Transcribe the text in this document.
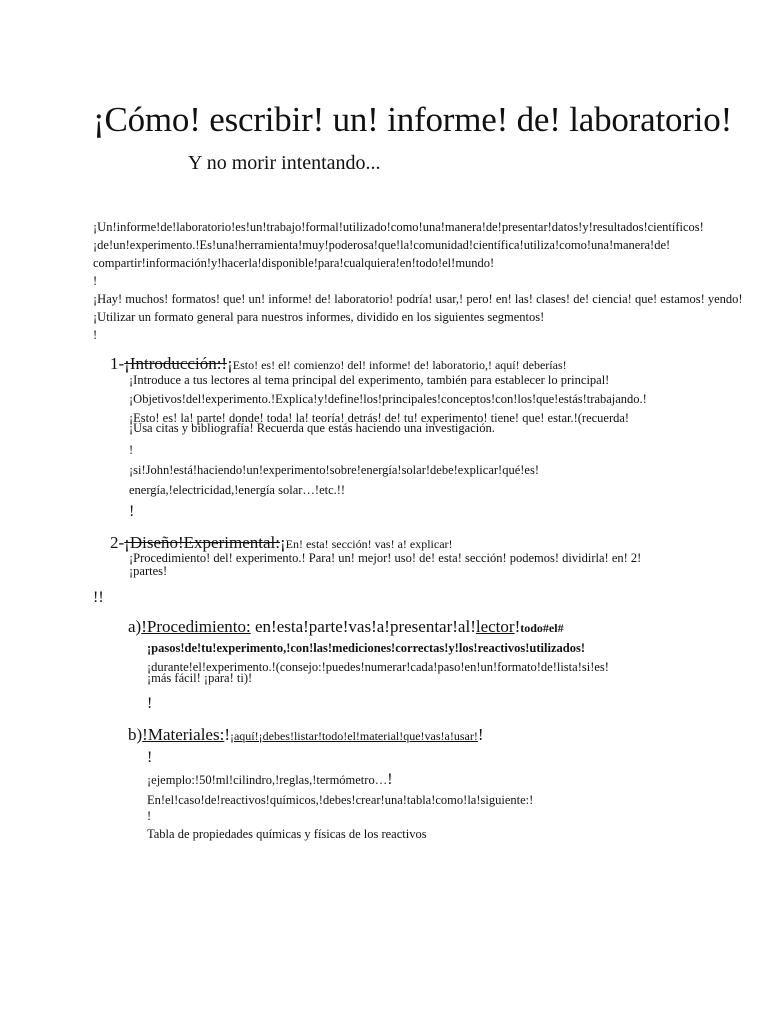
¡Cómo! escribir! un! informe! de! laboratorio!
Y no morir intentando...
¡Un!informe!de!laboratorio!es!un!trabajo!formal!utilizado!como!una!manera!de!presentar!datos!y!resultados!científicos!
¡de!un!experimento.!Es!una!herramienta!muy!poderosa!que!la!comunidad!científica!utiliza!como!una!manera!de!
compartir!información!y!hacerla!disponible!para!cualquiera!en!todo!el!mundo!
!
¡Hay! muchos! formatos! que! un! informe! de! laboratorio! podría! usar,! pero! en! las! clases! de! ciencia! que! estamos! yendo!
¡Utilizar un formato general para nuestros informes, dividido en los siguientes segmentos!
!
1-¡Introducción:!¡Esto! es! el! comienzo! del! informe! de! laboratorio,! aquí! deberías!
¡Introduce a tus lectores al tema principal del experimento, también para establecer lo principal!
¡Objetivos!del!experimento.!Explica!y!define!los!principales!conceptos!con!los!que!estás!trabajando.!
¡Esto! es! la! parte! donde! toda! la! teoría! detrás! de! tu! experimento! tiene! que! estar.!(recuerda!
¡Usa citas y bibliografía! Recuerda que estás haciendo una investigación.
!
¡si!John!está!haciendo!un!experimento!sobre!energía!solar!debe!explicar!qué!es!
energía,!electricidad,!energía solar…!etc.!!
!
2-¡Diseño!Experimental:¡En! esta! sección! vas! a! explicar!
¡Procedimiento! del! experimento.! Para! un! mejor! uso! de! esta! sección! podemos! dividirla! en! 2!
¡partes!
!!
a)!Procedimiento: en!esta!parte!vas!a!presentar!al!lector!todo#el#
¡pasos!de!tu!experimento,!con!las!mediciones!correctas!y!los!reactivos!utilizados!
¡durante!el!experimento.!(consejo:!puedes!numerar!cada!paso!en!un!formato!de!lista!si!es!
¡más fácil! ¡para! ti)!
!
b)!Materiales:!¡aquí!¡debes!listar!todo!el!material!que!vas!a!usar!!
!
¡ejemplo:!50!ml!cilindro,!reglas,!termómetro…!
En!el!caso!de!reactivos!químicos,!debes!crear!una!tabla!como!la!siguiente:!
!
Tabla de propiedades químicas y físicas de los reactivos
